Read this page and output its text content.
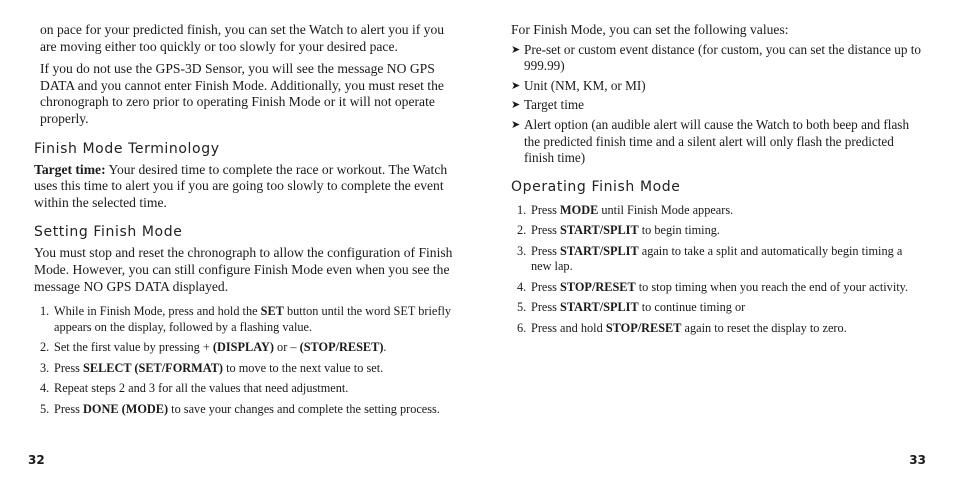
on pace for your predicted finish, you can set the Watch to alert you if you are moving either too quickly or too slowly for your desired pace.

If you do not use the GPS-3D Sensor, you will see the message NO GPS DATA and you cannot enter Finish Mode. Additionally, you must reset the chronograph to zero prior to operating Finish Mode or it will not operate properly.

Finish Mode Terminology

Target time: Your desired time to complete the race or workout. The Watch uses this time to alert you if you are going too slowly to complete the event within the selected time.

Setting Finish Mode

You must stop and reset the chronograph to allow the configuration of Finish Mode. However, you can still configure Finish Mode even when you see the message NO GPS DATA displayed.

1. While in Finish Mode, press and hold the SET button until the word SET briefly appears on the display, followed by a flashing value.
2. Set the first value by pressing + (DISPLAY) or – (STOP/RESET).
3. Press SELECT (SET/FORMAT) to move to the next value to set.
4. Repeat steps 2 and 3 for all the values that need adjustment.
5. Press DONE (MODE) to save your changes and complete the setting process.

For Finish Mode, you can set the following values:

➤ Pre-set or custom event distance (for custom, you can set the distance up to 999.99)
➤ Unit (NM, KM, or MI)
➤ Target time
➤ Alert option (an audible alert will cause the Watch to both beep and flash the predicted finish time and a silent alert will only flash the predicted finish time)
Operating Finish Mode
1. Press MODE until Finish Mode appears.
2. Press START/SPLIT to begin timing.
3. Press START/SPLIT again to take a split and automatically begin timing a new lap.
4. Press STOP/RESET to stop timing when you reach the end of your activity.
5. Press START/SPLIT to continue timing or
6. Press and hold STOP/RESET again to reset the display to zero.
32	33
